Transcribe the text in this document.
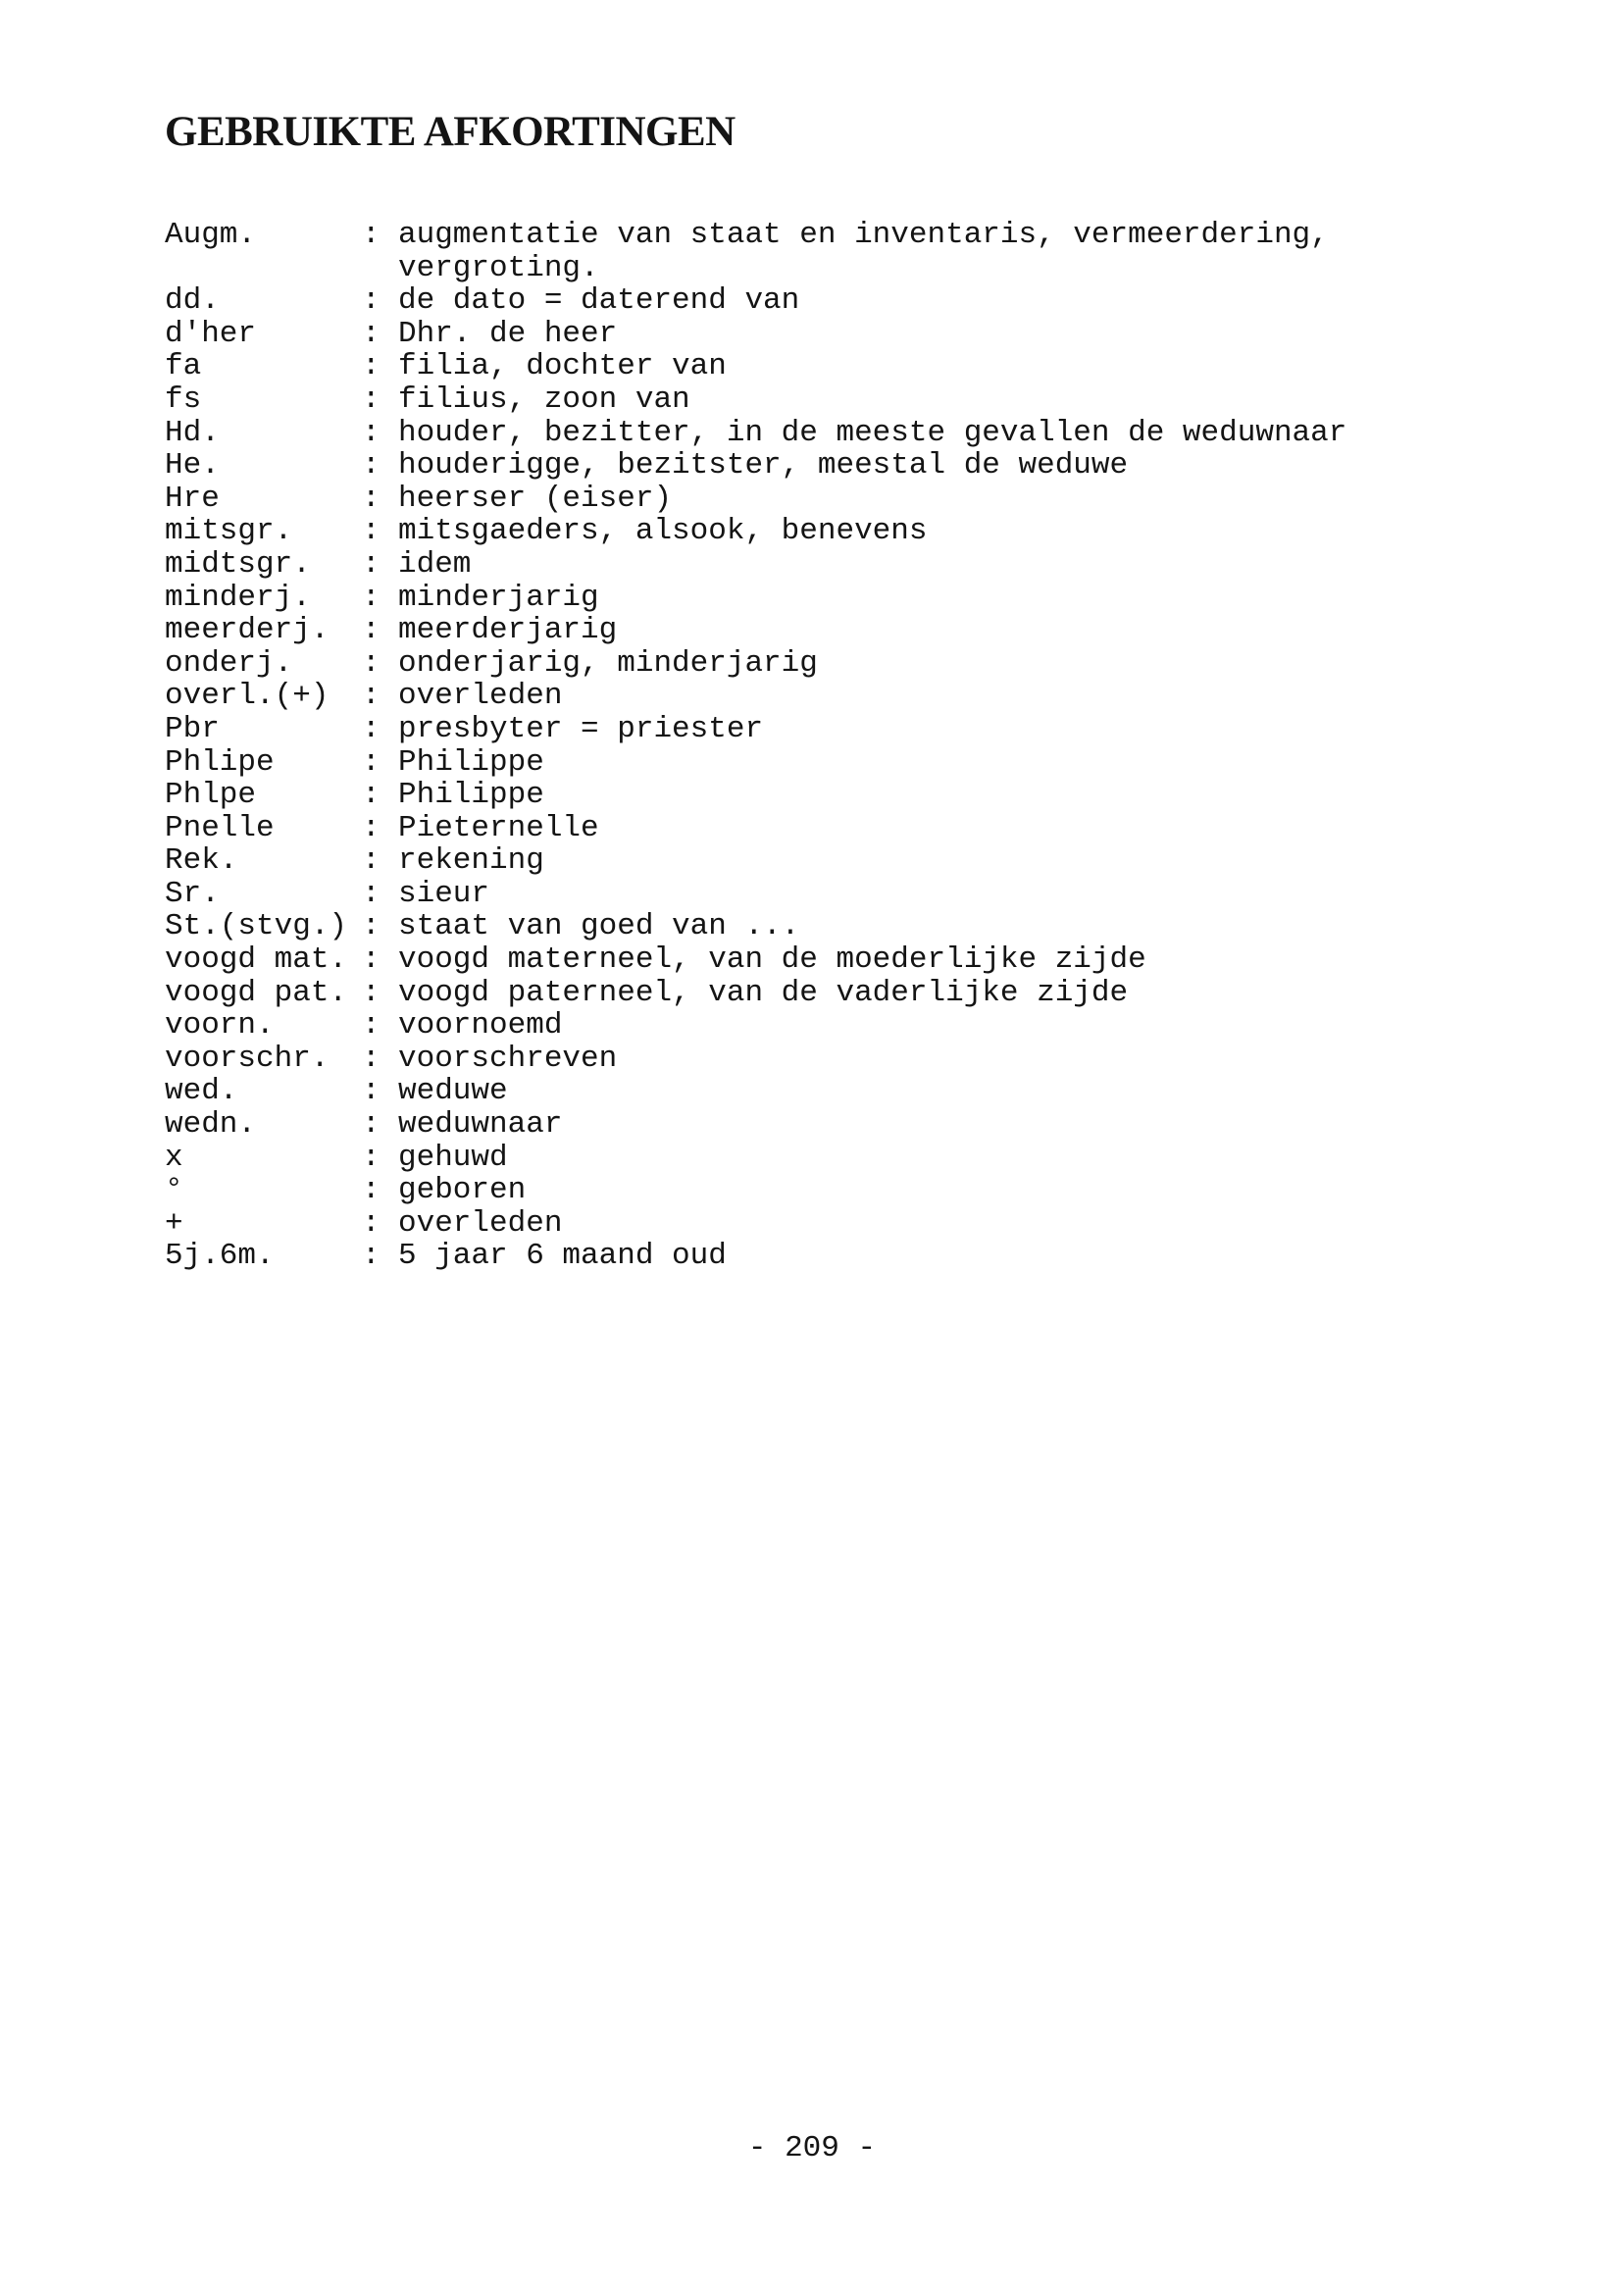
GEBRUIKTE AFKORTINGEN
Augm.	: augmentatie van staat en inventaris, vermeerdering, vergroting.
dd.	: de dato = daterend van
d'her	: Dhr. de heer
fa	: filia, dochter van
fs	: filius, zoon van
Hd.	: houder, bezitter, in de meeste gevallen de weduwnaar
He.	: houderigge, bezitster, meestal de weduwe
Hre	: heerser (eiser)
mitsgr.	: mitsgaeders, alsook, benevens
midtsgr.	: idem
minderj.	: minderjarig
meerderj.	: meerderjarig
onderj.	: onderjarig, minderjarig
overl.(+)	: overleden
Pbr	: presbyter = priester
Phlipe	: Philippe
Phlpe	: Philippe
Pnelle	: Pieternelle
Rek.	: rekening
Sr.	: sieur
St.(stvg.) : staat van goed van ...
voogd mat. : voogd materneel, van de moederlijke zijde
voogd pat. : voogd paterneel, van de vaderlijke zijde
voorn.	: voornoemd
voorschr.	: voorschreven
wed.	: weduwe
wedn.	: weduwnaar
x	: gehuwd
°	: geboren
+	: overleden
5j.6m.	: 5 jaar 6 maand oud
- 209 -
